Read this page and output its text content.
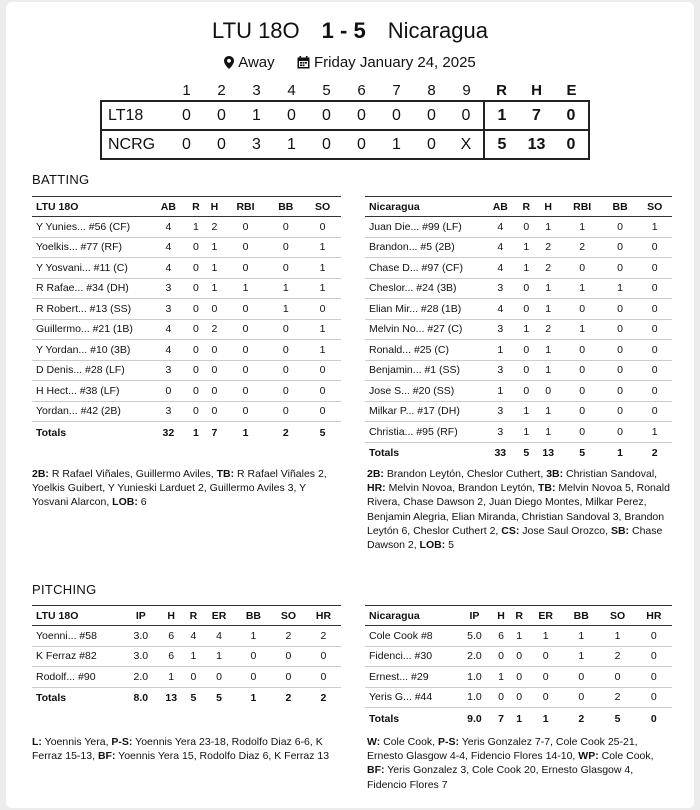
LTU 18O 1 - 5 Nicaragua
Away	Friday January 24, 2025
	1	2	3	4	5	6	7	8	9	R	H	E
LT18	0	0	1	0	0	0	0	0	0	1	7	0
NCRG	0	0	3	1	0	0	1	0	X	5	13	0
BATTING
LTU 18O	AB	R	H	RBI	BB	SO
Y Yunies... #56 (CF)	4	1	2	0	0	0
Yoelkis... #77 (RF)	4	0	1	0	0	1
Y Yosvani... #11 (C)	4	0	1	0	0	1
R Rafae... #34 (DH)	3	0	1	1	1	1
R Robert... #13 (SS)	3	0	0	0	1	0
Guillermo... #21 (1B)	4	0	2	0	0	1
Y Yordan... #10 (3B)	4	0	0	0	0	1
D Denis... #28 (LF)	3	0	0	0	0	0
H Hect... #38 (LF)	0	0	0	0	0	0
Yordan... #42 (2B)	3	0	0	0	0	0
Totals	32	1	7	1	2	5
Nicaragua	AB	R	H	RBI	BB	SO
Juan Die... #99 (LF)	4	0	1	1	0	1
Brandon... #5 (2B)	4	1	2	2	0	0
Chase D... #97 (CF)	4	1	2	0	0	0
Cheslor... #24 (3B)	3	0	1	1	1	0
Elian Mir... #28 (1B)	4	0	1	0	0	0
Melvin No... #27 (C)	3	1	2	1	0	0
Ronald... #25 (C)	1	0	1	0	0	0
Benjamin... #1 (SS)	3	0	1	0	0	0
Jose S... #20 (SS)	1	0	0	0	0	0
Milkar P... #17 (DH)	3	1	1	0	0	0
Christia... #95 (RF)	3	1	1	0	0	1
Totals	33	5	13	5	1	2
2B: R Rafael Viñales, Guillermo Aviles, TB: R Rafael Viñales 2, Yoelkis Guibert, Y Yunieski Larduet 2, Guillermo Aviles 3, Y Yosvani Alarcon, LOB: 6
2B: Brandon Leytón, Cheslor Cuthert, 3B: Christian Sandoval, HR: Melvin Novoa, Brandon Leytón, TB: Melvin Novoa 5, Ronald Rivera, Chase Dawson 2, Juan Diego Montes, Milkar Perez, Benjamin Alegria, Elian Miranda, Christian Sandoval 3, Brandon Leytón 6, Cheslor Cuthert 2, CS: Jose Saul Orozco, SB: Chase Dawson 2, LOB: 5
PITCHING
LTU 18O	IP	H	R	ER	BB	SO	HR
Yoenni... #58	3.0	6	4	4	1	2	2
K Ferraz #82	3.0	6	1	1	0	0	0
Rodolf... #90	2.0	1	0	0	0	0	0
Totals	8.0	13	5	5	1	2	2
Nicaragua	IP	H	R	ER	BB	SO	HR
Cole Cook #8	5.0	6	1	1	1	1	0
Fidenci... #30	2.0	0	0	0	1	2	0
Ernest... #29	1.0	1	0	0	0	0	0
Yeris G... #44	1.0	0	0	0	0	2	0
Totals	9.0	7	1	1	2	5	0
L: Yoennis Yera, P-S: Yoennis Yera 23-18, Rodolfo Diaz 6-6, K Ferraz 15-13, BF: Yoennis Yera 15, Rodolfo Diaz 6, K Ferraz 13
W: Cole Cook, P-S: Yeris Gonzalez 7-7, Cole Cook 25-21, Ernesto Glasgow 4-4, Fidencio Flores 14-10, WP: Cole Cook, BF: Yeris Gonzalez 3, Cole Cook 20, Ernesto Glasgow 4, Fidencio Flores 7
